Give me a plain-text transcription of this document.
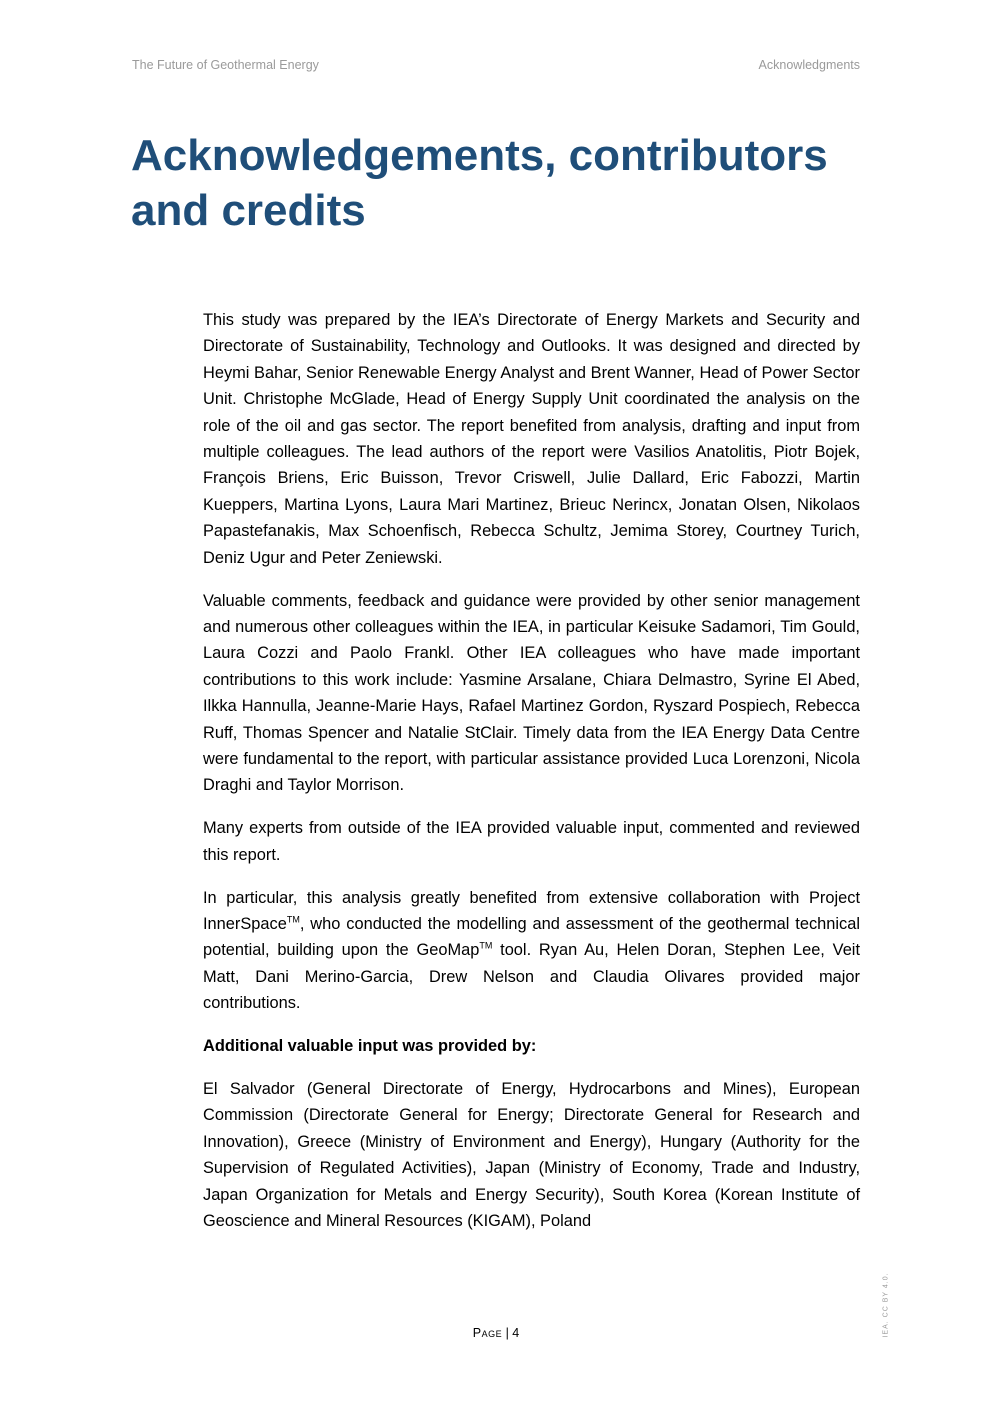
The Future of Geothermal Energy	Acknowledgments
Acknowledgements, contributors
and credits

This study was prepared by the IEA’s Directorate of Energy Markets and Security and Directorate of Sustainability, Technology and Outlooks. It was designed and directed by Heymi Bahar, Senior Renewable Energy Analyst and Brent Wanner, Head of Power Sector Unit. Christophe McGlade, Head of Energy Supply Unit coordinated the analysis on the role of the oil and gas sector. The report benefited from analysis, drafting and input from multiple colleagues. The lead authors of the report were Vasilios Anatolitis, Piotr Bojek, François Briens, Eric Buisson, Trevor Criswell, Julie Dallard, Eric Fabozzi, Martin Kueppers, Martina Lyons, Laura Mari Martinez, Brieuc Nerincx, Jonatan Olsen, Nikolaos Papastefanakis, Max Schoenfisch, Rebecca Schultz, Jemima Storey, Courtney Turich, Deniz Ugur and Peter Zeniewski.

Valuable comments, feedback and guidance were provided by other senior management and numerous other colleagues within the IEA, in particular Keisuke Sadamori, Tim Gould, Laura Cozzi and Paolo Frankl. Other IEA colleagues who have made important contributions to this work include: Yasmine Arsalane, Chiara Delmastro, Syrine El Abed, Ilkka Hannulla, Jeanne-Marie Hays, Rafael Martinez Gordon, Ryszard Pospiech, Rebecca Ruff, Thomas Spencer and Natalie StClair. Timely data from the IEA Energy Data Centre were fundamental to the report, with particular assistance provided Luca Lorenzoni, Nicola Draghi and Taylor Morrison.

Many experts from outside of the IEA provided valuable input, commented and reviewed this report.

In particular, this analysis greatly benefited from extensive collaboration with Project InnerSpace™, who conducted the modelling and assessment of the geothermal technical potential, building upon the GeoMap™ tool. Ryan Au, Helen Doran, Stephen Lee, Veit Matt, Dani Merino-Garcia, Drew Nelson and Claudia Olivares provided major contributions.

Additional valuable input was provided by:

El Salvador (General Directorate of Energy, Hydrocarbons and Mines), European Commission (Directorate General for Energy; Directorate General for Research and Innovation), Greece (Ministry of Environment and Energy), Hungary (Authority for the Supervision of Regulated Activities), Japan (Ministry of Economy, Trade and Industry, Japan Organization for Metals and Energy Security), South Korea (Korean Institute of Geoscience and Mineral Resources (KIGAM), Poland

Page | 4	IEA. CC BY 4.0.
